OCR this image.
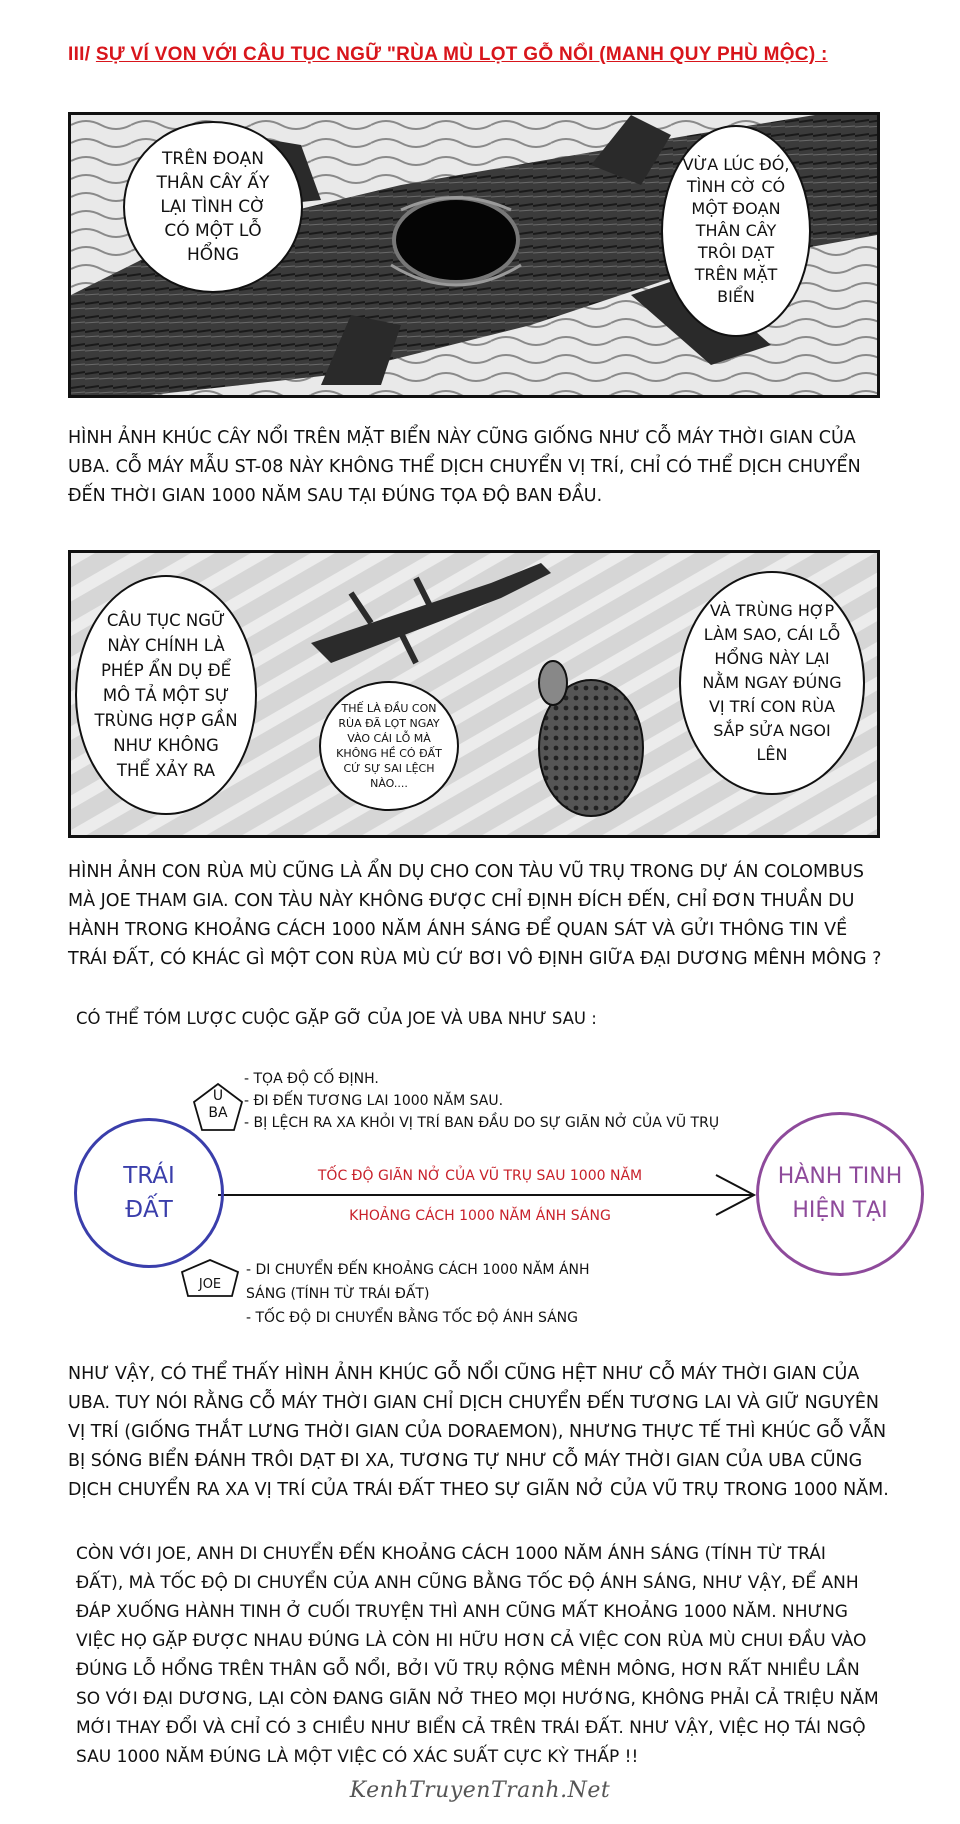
III/ SỰ VÍ VON VỚI CÂU TỤC NGỮ "RÙA MÙ LỌT GỖ NỔI (MANH QUY PHÙ MỘC) :
TRÊN ĐOẠN
THÂN CÂY ẤY
LẠI TÌNH CỜ
CÓ MỘT LỖ
HỔNG
VỪA LÚC ĐÓ,
TÌNH CỜ CÓ
MỘT ĐOẠN
THÂN CÂY
TRÔI DẠT
TRÊN MẶT
BIỂN
HÌNH ẢNH KHÚC CÂY NỔI TRÊN MẶT BIỂN NÀY CŨNG GIỐNG NHƯ CỖ MÁY THỜI GIAN CỦA
UBA. CỖ MÁY MẪU ST-08 NÀY KHÔNG THỂ DỊCH CHUYỂN VỊ TRÍ, CHỈ CÓ THỂ DỊCH CHUYỂN
ĐẾN THỜI GIAN 1000 NĂM SAU TẠI ĐÚNG TỌA ĐỘ BAN ĐẦU.
CÂU TỤC NGỮ
NÀY CHÍNH LÀ
PHÉP ẨN DỤ ĐỂ
MÔ TẢ MỘT SỰ
TRÙNG HỢP GẦN
NHƯ KHÔNG
THỂ XẢY RA
THẾ LÀ ĐẦU CON
RÙA ĐÃ LỌT NGAY
VÀO CÁI LỖ MÀ
KHÔNG HỀ CÓ ĐẤT
CỨ SỰ SAI LỆCH
NÀO....
VÀ TRÙNG HỢP
LÀM SAO, CÁI LỖ
HỔNG NÀY LẠI
NẰM NGAY ĐÚNG
VỊ TRÍ CON RÙA
SẮP SỬA NGOI
LÊN
HÌNH ẢNH CON RÙA MÙ CŨNG LÀ ẨN DỤ CHO CON TÀU VŨ TRỤ TRONG DỰ ÁN COLOMBUS
MÀ JOE THAM GIA. CON TÀU NÀY KHÔNG ĐƯỢC CHỈ ĐỊNH ĐÍCH ĐẾN, CHỈ ĐƠN THUẦN DU
HÀNH TRONG KHOẢNG CÁCH 1000 NĂM ÁNH SÁNG ĐỂ QUAN SÁT VÀ GỬI THÔNG TIN VỀ
TRÁI ĐẤT, CÓ KHÁC GÌ MỘT CON RÙA MÙ CỨ BƠI VÔ ĐỊNH GIỮA ĐẠI DƯƠNG MÊNH MÔNG ?
CÓ THỂ TÓM LƯỢC CUỘC GẶP GỠ CỦA JOE VÀ UBA NHƯ SAU :
U
BA
JOE
- TỌA ĐỘ CỐ ĐỊNH.
- ĐI ĐẾN TƯƠNG LAI 1000 NĂM SAU.
- BỊ LỆCH RA XA KHỎI VỊ TRÍ BAN ĐẦU DO SỰ GIÃN NỞ CỦA VŨ TRỤ
TRÁI
ĐẤT
HÀNH TINH
HIỆN TẠI
TỐC ĐỘ GIÃN NỞ CỦA VŨ TRỤ SAU 1000 NĂM
KHOẢNG CÁCH 1000 NĂM ÁNH SÁNG
- DI CHUYỂN ĐẾN KHOẢNG CÁCH 1000 NĂM ÁNH
SÁNG (TÍNH TỪ TRÁI ĐẤT)
- TỐC ĐỘ DI CHUYỂN BẰNG TỐC ĐỘ ÁNH SÁNG
NHƯ VẬY, CÓ THỂ THẤY HÌNH ẢNH KHÚC GỖ NỔI CŨNG HỆT NHƯ CỖ MÁY THỜI GIAN CỦA
UBA. TUY NÓI RẰNG CỖ MÁY THỜI GIAN CHỈ DỊCH CHUYỂN ĐẾN TƯƠNG LAI VÀ GIỮ NGUYÊN
VỊ TRÍ (GIỐNG THẮT LƯNG THỜI GIAN CỦA DORAEMON), NHƯNG THỰC TẾ THÌ KHÚC GỖ VẪN
BỊ SÓNG BIỂN ĐÁNH TRÔI DẠT ĐI XA, TƯƠNG TỰ NHƯ CỖ MÁY THỜI GIAN CỦA UBA CŨNG
DỊCH CHUYỂN RA XA VỊ TRÍ CỦA TRÁI ĐẤT THEO SỰ GIÃN NỞ CỦA VŨ TRỤ TRONG 1000 NĂM.
CÒN VỚI JOE, ANH DI CHUYỂN ĐẾN KHOẢNG CÁCH 1000 NĂM ÁNH SÁNG (TÍNH TỪ TRÁI
ĐẤT), MÀ TỐC ĐỘ DI CHUYỂN CỦA ANH CŨNG BẰNG TỐC ĐỘ ÁNH SÁNG, NHƯ VẬY, ĐỂ ANH
ĐÁP XUỐNG HÀNH TINH Ở CUỐI TRUYỆN THÌ ANH CŨNG MẤT KHOẢNG 1000 NĂM. NHƯNG
VIỆC HỌ GẶP ĐƯỢC NHAU ĐÚNG LÀ CÒN HI HỮU HƠN CẢ VIỆC CON RÙA MÙ CHUI ĐẦU VÀO
ĐÚNG LỖ HỔNG TRÊN THÂN GỖ NỔI, BỞI VŨ TRỤ RỘNG MÊNH MÔNG, HƠN RẤT NHIỀU LẦN
SO VỚI ĐẠI DƯƠNG, LẠI CÒN ĐANG GIÃN NỞ THEO MỌI HƯỚNG, KHÔNG PHẢI CẢ TRIỆU NĂM
MỚI THAY ĐỔI VÀ CHỈ CÓ 3 CHIỀU NHƯ BIỂN CẢ TRÊN TRÁI ĐẤT. NHƯ VẬY, VIỆC HỌ TÁI NGỘ
SAU 1000 NĂM ĐÚNG LÀ MỘT VIỆC CÓ XÁC SUẤT CỰC KỲ THẤP !!
KenhTruyenTranh.Net
